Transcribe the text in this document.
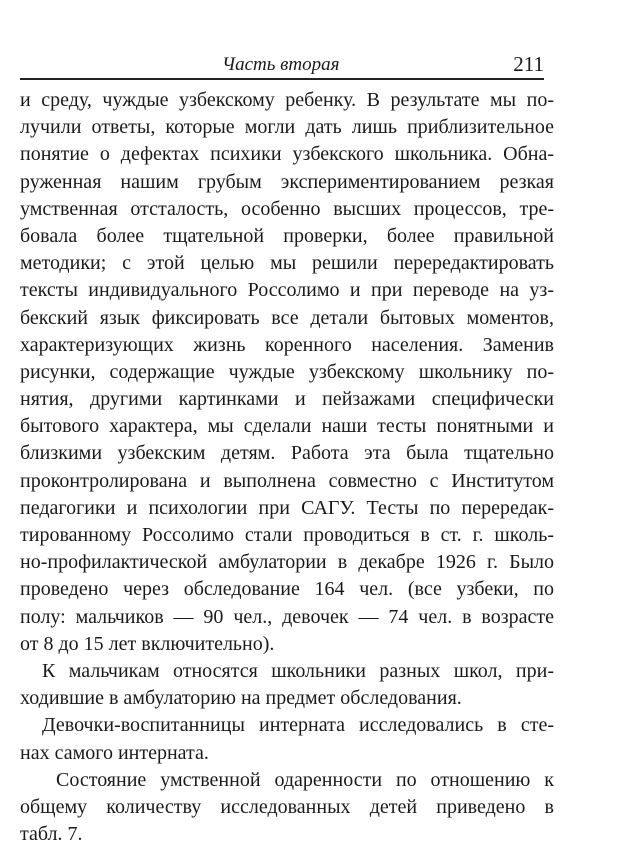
Часть вторая	211
и среду, чуждые узбекскому ребенку. В результате мы по-
лучили ответы, которые могли дать лишь приблизительное
понятие о дефектах психики узбекского школьника. Обна-
руженная нашим грубым экспериментированием резкая
умственная отсталость, особенно высших процессов, тре-
бовала более тщательной проверки, более правильной
методики; с этой целью мы решили перередактировать
тексты индивидуального Россолимо и при переводе на уз-
бекский язык фиксировать все детали бытовых моментов,
характеризующих жизнь коренного населения. Заменив
рисунки, содержащие чуждые узбекскому школьнику по-
нятия, другими картинками и пейзажами специфически
бытового характера, мы сделали наши тесты понятными и
близкими узбекским детям. Работа эта была тщательно
проконтролирована и выполнена совместно с Институтом
педагогики и психологии при САГУ. Тесты по перередак-
тированному Россолимо стали проводиться в ст. г. школь-
но-профилактической амбулатории в декабре 1926 г. Было
проведено через обследование 164 чел. (все узбеки, по
полу: мальчиков — 90 чел., девочек — 74 чел. в возрасте
от 8 до 15 лет включительно).
К мальчикам относятся школьники разных школ, при-
ходившие в амбулаторию на предмет обследования.
Девочки-воспитанницы интерната исследовались в сте-
нах самого интерната.
Состояние умственной одаренности по отношению к
общему количеству исследованных детей приведено в
табл. 7.
